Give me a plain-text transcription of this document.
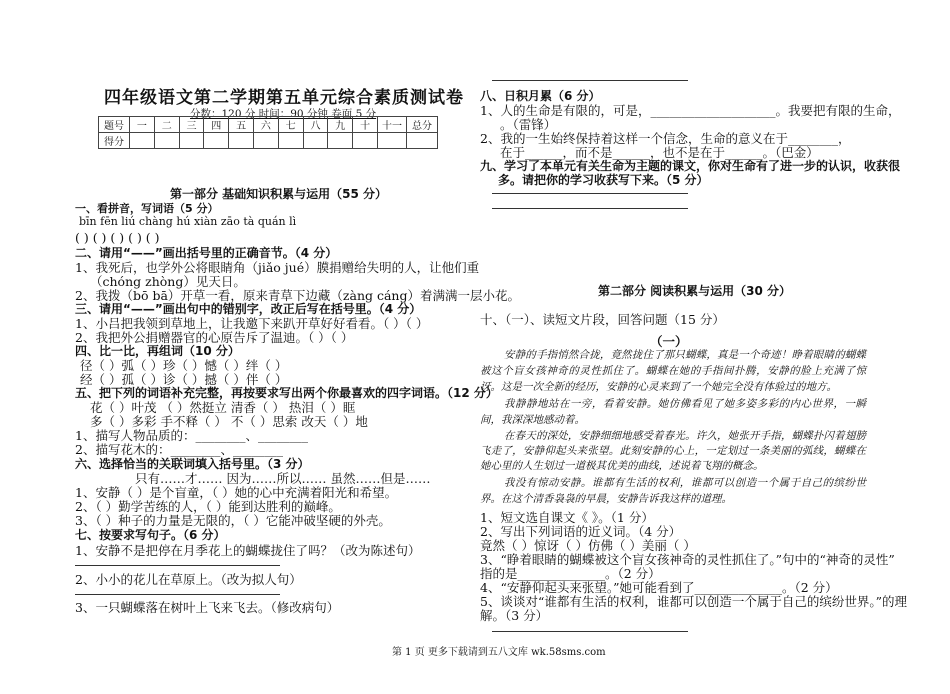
四年级语文第二学期第五单元综合素质测试卷
分数：120 分 时间：90 分钟 卷面 5 分
题号	一	二	三	四	五	六	七	八	九	十	十一	总分
得分												
第一部分 基础知识积累与运用（55 分）
一、看拼音，写词语（5 分）
bīn fēn liú chàng hú xiàn zāo tà quán lì
( ) ( ) ( ) ( ) ( )
二、请用“——”画出括号里的正确音节。（4 分）
1、我死后，也学外公将眼睛角（jiǎo jué）膜捐赠给失明的人，让他们重
（chóng zhòng）见天日。
2、我拨（bō bā）开草一看，原来青草下边藏（zàng cáng）着满满一层小花。
三、请用“——”画出句中的错别字，改正后写在括号里。（4 分）
1、小吕把我领到草地上，让我邀下来趴开草好好看看。（ ）（ ）
2、我把外公捐赠器官的心原告斥了温迪。（ ）（ ）
四、比一比，再组词（10 分）
径（ ）弧（ ）珍（ ）憾（ ）绊（ ）
经（ ）孤（ ）诊（ ）撼（ ）伴（ ）
五、把下列的词语补充完整，再按要求写出两个你最喜欢的四字词语。（12 分）
花（ ）叶茂 （ ）然挺立 清香（ ） 热泪（ ）眶
多（ ）多彩 手不释（ ） 不（ ）思索 改天（ ）地
1、描写人物品质的：________、________
2、描写花木的：________、________
六、选择恰当的关联词填入括号里。（3 分）
只有……才…… 因为……所以…… 虽然……但是……
1、安静（ ）是个盲童，（ ）她的心中充满着阳光和希望。
2、（ ）勤学苦练的人，（ ）能到达胜利的巅峰。
3、（ ）种子的力量是无限的，（ ）它能冲破坚硬的外壳。
七、按要求写句子。（6 分）
1、安静不是把停在月季花上的蝴蝶拢住了吗？（改为陈述句）
2、小小的花儿在草原上。（改为拟人句）
3、一只蝴蝶落在树叶上飞来飞去。（修改病句）
八、日积月累（6 分）
1、人的生命是有限的，可是，____________________。我要把有限的生命，
。（雷锋）
2、我的一生始终保持着这样一个信念，生命的意义在于________，
在于______，而不是______，也不是在于______。（巴金）
九、学习了本单元有关生命为主题的课文，你对生命有了进一步的认识，收获很
多。请把你的学习收获写下来。（5 分）
第二部分 阅读积累与运用（30 分）
十、（一）、读短文片段，回答问题（15 分）
（一）
安静的手指悄然合拢，竟然拢住了那只蝴蝶，真是一个奇迹！睁着眼睛的蝴蝶被这个盲女孩神奇的灵性抓住了。蝴蝶在她的手指间扑腾，安静的脸上充满了惊讶。这是一次全新的经历，安静的心灵来到了一个她完全没有体验过的地方。
我静静地站在一旁，看着安静。她仿佛看见了她多姿多彩的内心世界，一瞬间，我深深地感动着。
在春天的深处，安静细细地感受着春光。许久，她张开手指，蝴蝶扑闪着翅膀飞走了，安静仰起头来张望。此刻安静的心上，一定划过一条美丽的弧线，蝴蝶在她心里的人生划过一道极其优美的曲线，述说着飞翔的概念。
我没有惊动安静。谁都有生活的权利，谁都可以创造一个属于自己的缤纷世界。在这个清香袅袅的早晨，安静告诉我这样的道理。
1、短文选自课文《 》。（1 分）
2、写出下列词语的近义词。（4 分）
竟然（ ）惊讶（ ）仿佛（ ）美丽（ ）
3、“睁着眼睛的蝴蝶被这个盲女孩神奇的灵性抓住了。”句中的“神奇的灵性”
指的是______________。（2 分）
4、“安静仰起头来张望。”她可能看到了______________。（2 分）
5、谈谈对“谁都有生活的权利，谁都可以创造一个属于自己的缤纷世界。”的理
解。（3 分）
第 1 页 更多下载请到五八文库 wk.58sms.com
